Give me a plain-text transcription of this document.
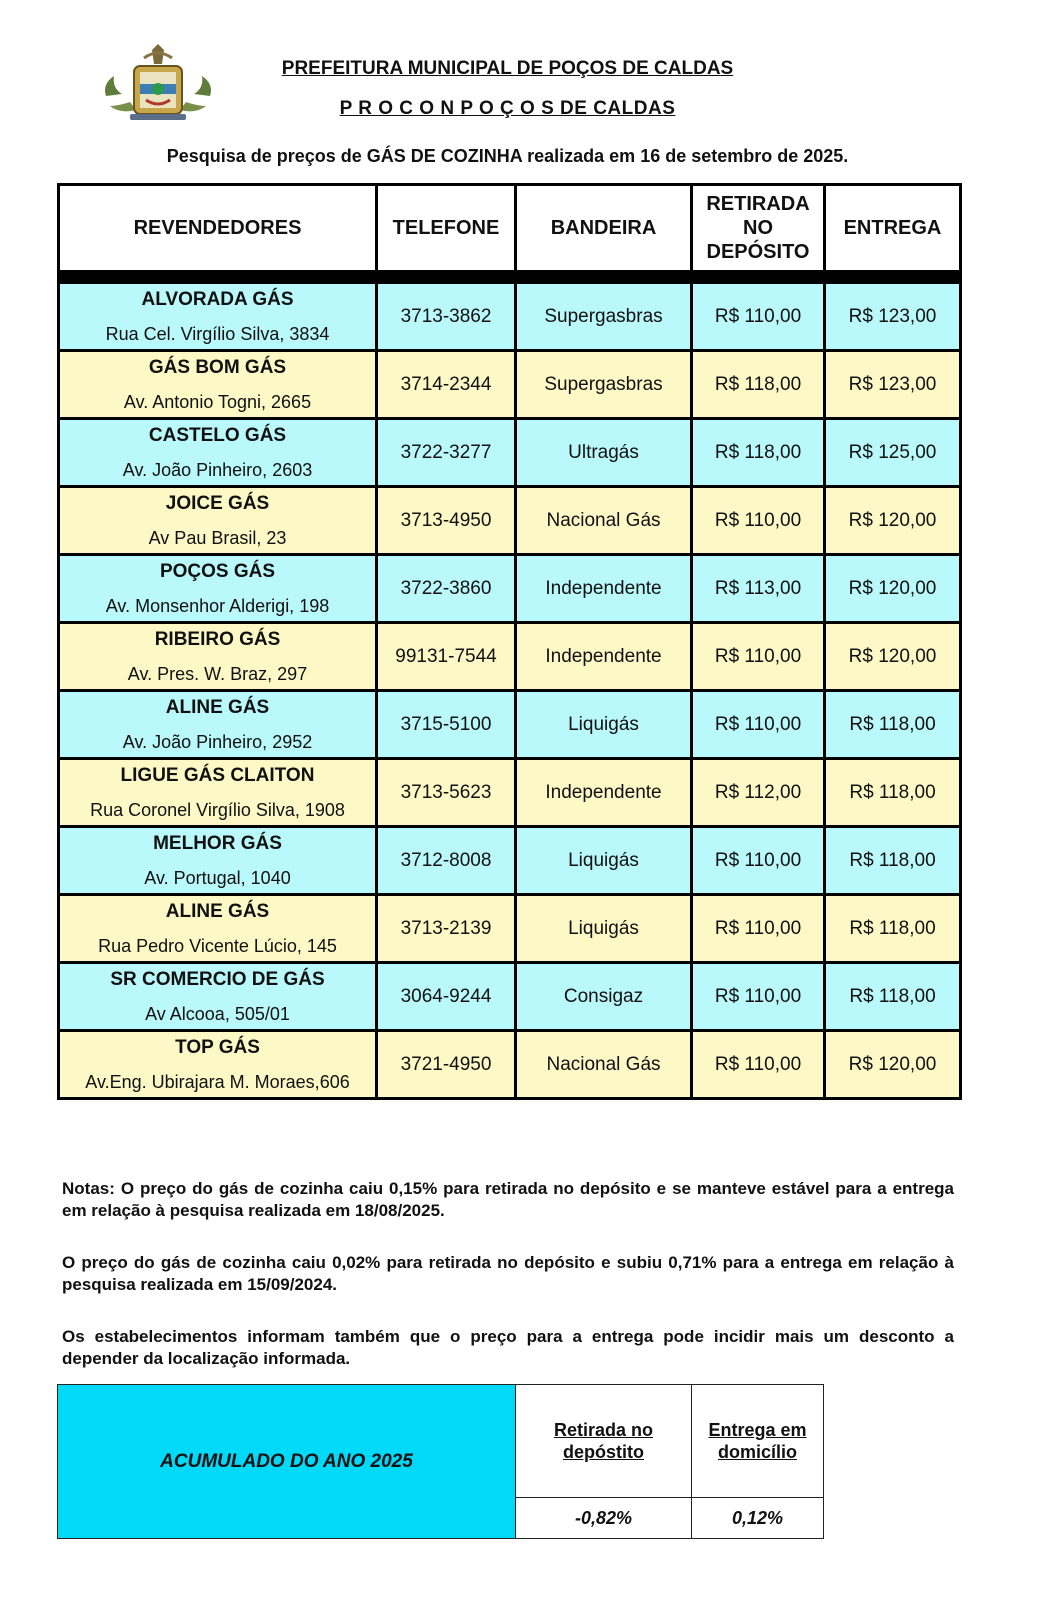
PREFEITURA MUNICIPAL DE POÇOS DE CALDAS
P R O C O N P O Ç O S DE CALDAS
Pesquisa de preços de GÁS DE COZINHA realizada em 16 de setembro de 2025.
REVENDEDORES	TELEFONE	BANDEIRA	RETIRADA
NO
DEPÓSITO	ENTREGA

ALVORADA GÁS
Rua Cel. Virgílio Silva, 3834	3713-3862	Supergasbras	R$ 110,00	R$ 123,00

GÁS BOM GÁS
Av. Antonio Togni, 2665	3714-2344	Supergasbras	R$ 118,00	R$ 123,00

CASTELO GÁS
Av. João Pinheiro, 2603	3722-3277	Ultragás	R$ 118,00	R$ 125,00

JOICE GÁS
Av Pau Brasil, 23	3713-4950	Nacional Gás	R$ 110,00	R$ 120,00

POÇOS GÁS
Av. Monsenhor Alderigi, 198	3722-3860	Independente	R$ 113,00	R$ 120,00

RIBEIRO GÁS
Av. Pres. W. Braz, 297	99131-7544	Independente	R$ 110,00	R$ 120,00

ALINE GÁS
Av. João Pinheiro, 2952	3715-5100	Liquigás	R$ 110,00	R$ 118,00

LIGUE GÁS CLAITON
Rua Coronel Virgílio Silva, 1908	3713-5623	Independente	R$ 112,00	R$ 118,00

MELHOR GÁS
Av. Portugal, 1040	3712-8008	Liquigás	R$ 110,00	R$ 118,00

ALINE GÁS
Rua Pedro Vicente Lúcio, 145	3713-2139	Liquigás	R$ 110,00	R$ 118,00

SR COMERCIO DE GÁS
Av Alcooa, 505/01	3064-9244	Consigaz	R$ 110,00	R$ 118,00

TOP GÁS
Av.Eng. Ubirajara M. Moraes,606	3721-4950	Nacional Gás	R$ 110,00	R$ 120,00
Notas: O preço do gás de cozinha caiu 0,15% para retirada no depósito e se manteve estável para a entrega em relação à pesquisa realizada em 18/08/2025.
O preço do gás de cozinha caiu 0,02% para retirada no depósito e subiu 0,71% para a entrega em relação à pesquisa realizada em 15/09/2024.
Os estabelecimentos informam também que o preço para a entrega pode incidir mais um desconto a depender da localização informada.
ACUMULADO DO ANO 2025	Retirada no depóstito	Entrega em domicílio
	-0,82%	0,12%
